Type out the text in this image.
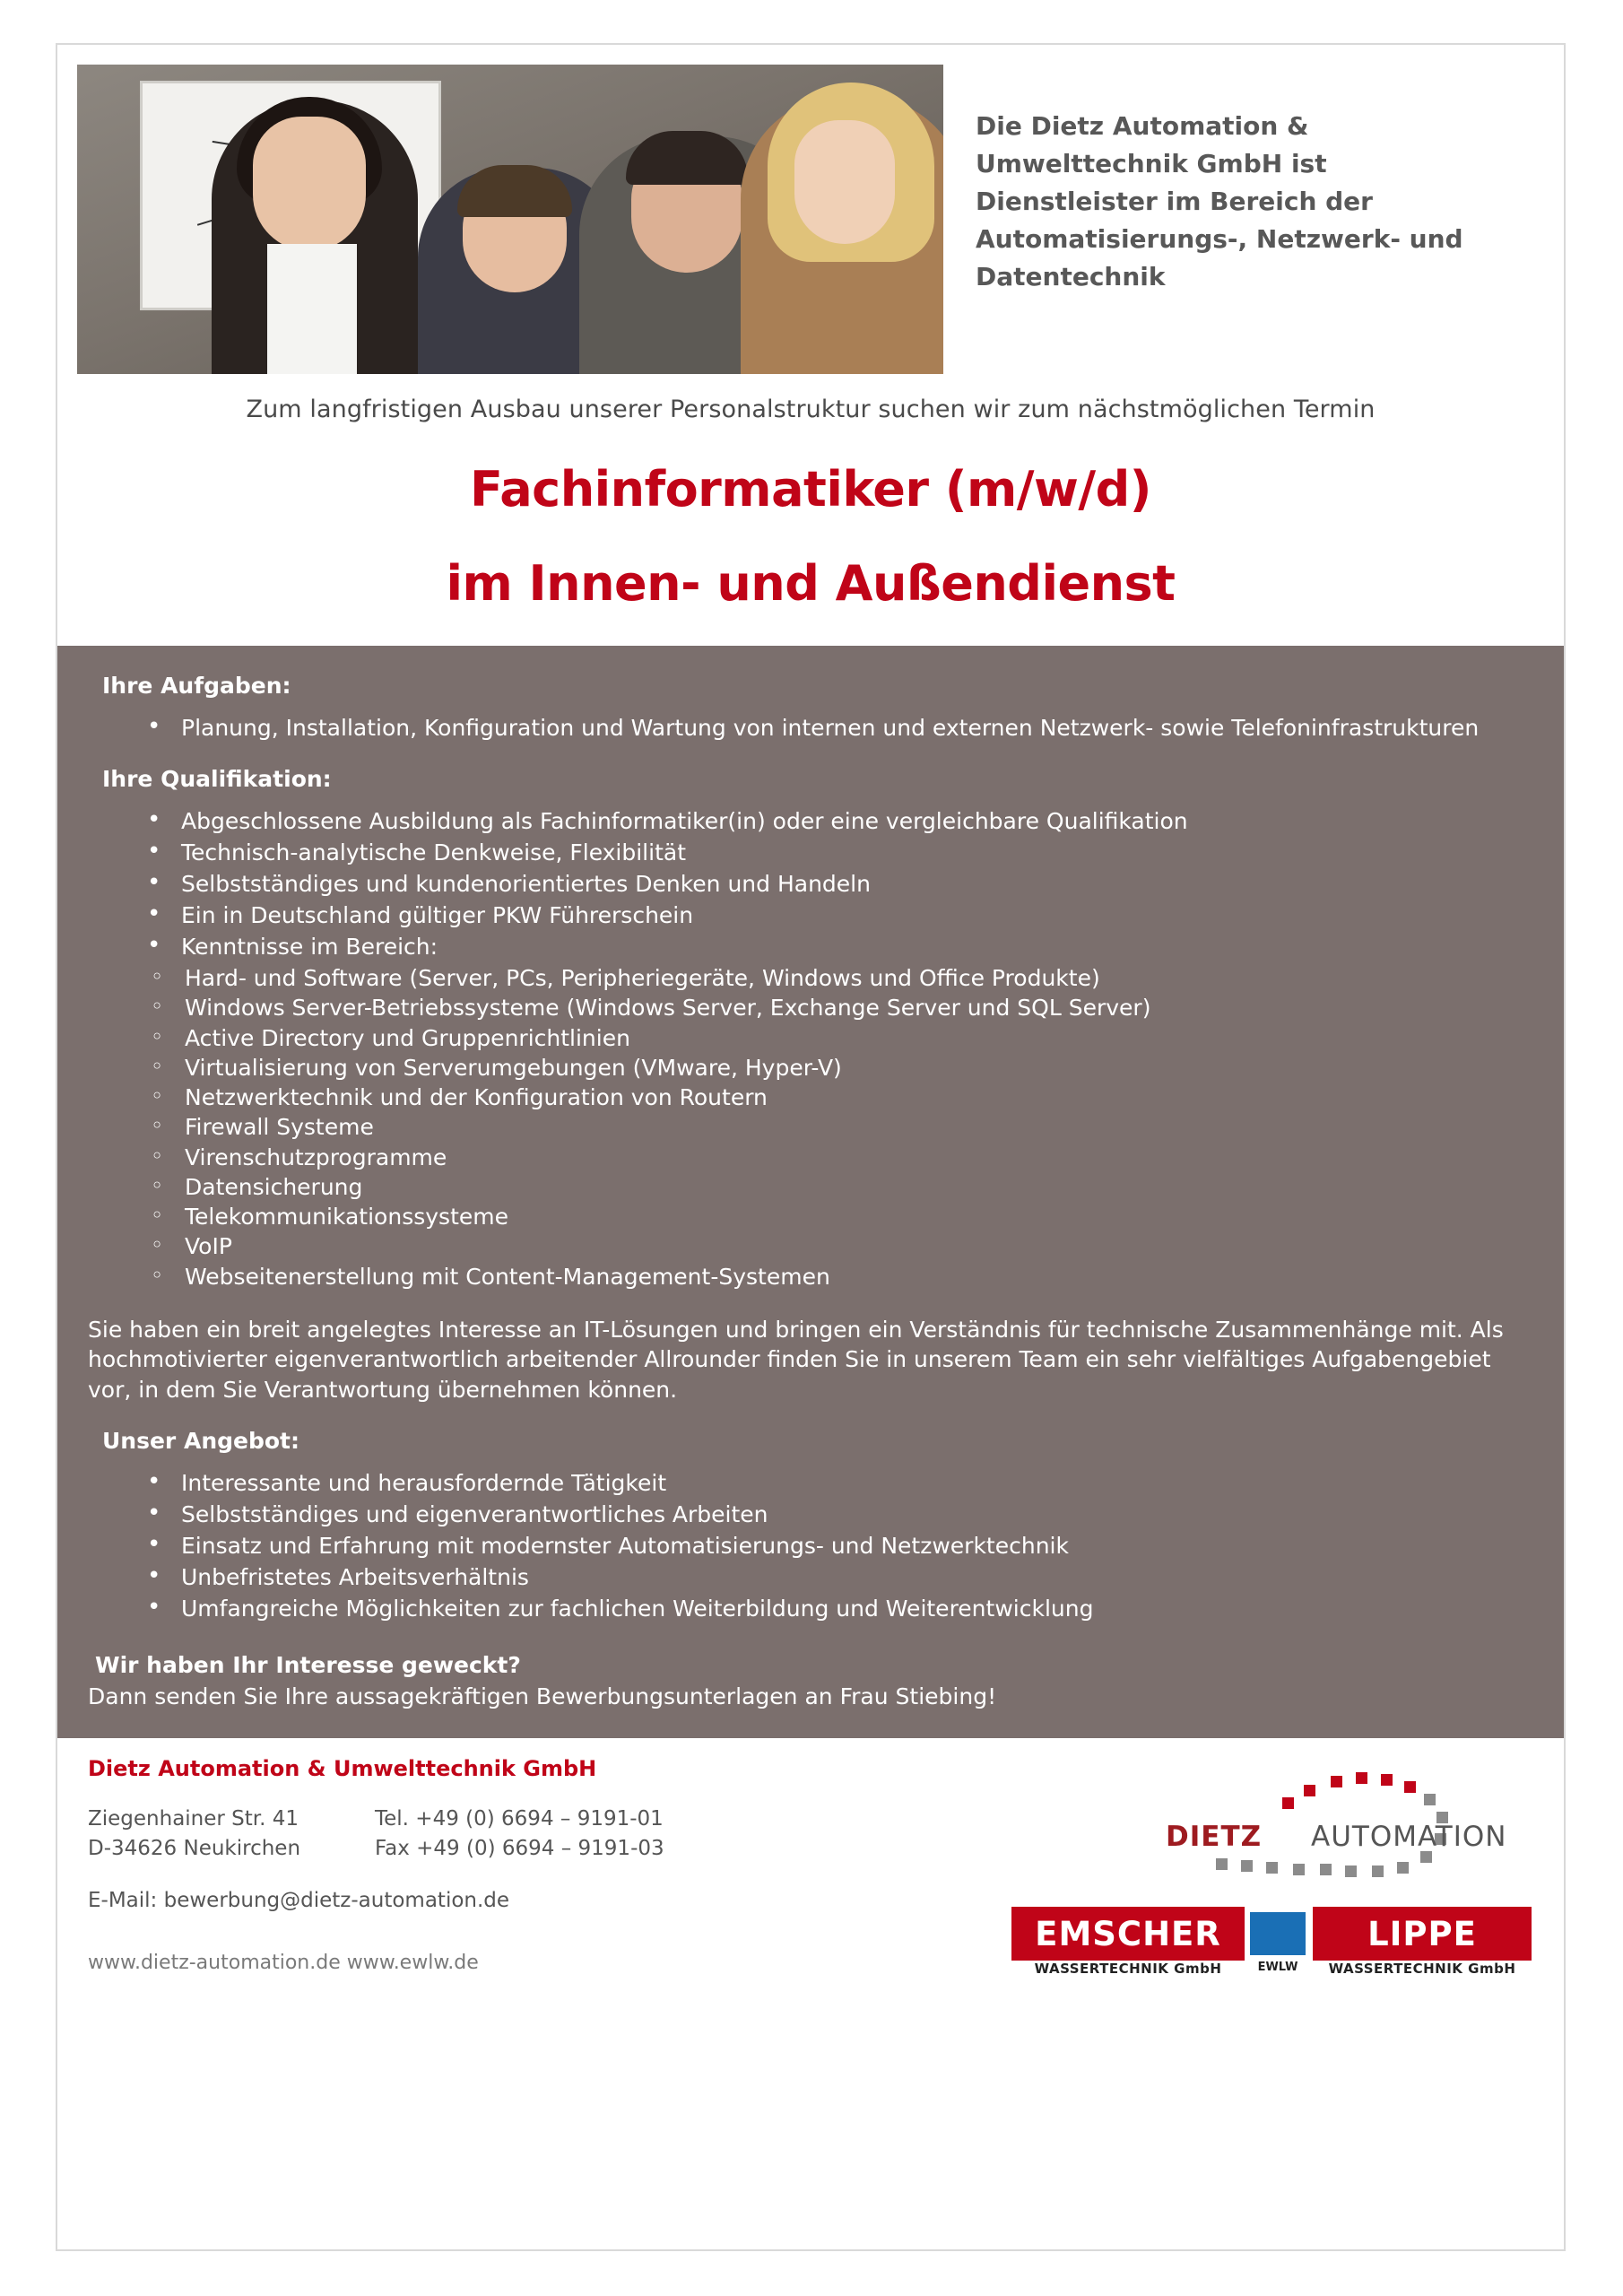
Die Dietz Automation & Umwelttechnik GmbH ist Dienstleister im Bereich der Automatisierungs-, Netzwerk- und Datentechnik
Zum langfristigen Ausbau unserer Personalstruktur suchen wir zum nächstmöglichen Termin
Fachinformatiker (m/w/d)
im Innen- und Außendienst
Ihre Aufgaben:
• Planung, Installation, Konfiguration und Wartung von internen und externen Netzwerk- sowie Telefoninfrastrukturen
Ihre Qualifikation:
• Abgeschlossene Ausbildung als Fachinformatiker(in) oder eine vergleichbare Qualifikation
• Technisch-analytische Denkweise, Flexibilität
• Selbstständiges und kundenorientiertes Denken und Handeln
• Ein in Deutschland gültiger PKW Führerschein
• Kenntnisse im Bereich:
◦ Hard- und Software (Server, PCs, Peripheriegeräte, Windows und Office Produkte)
◦ Windows Server-Betriebssysteme (Windows Server, Exchange Server und SQL Server)
◦ Active Directory und Gruppenrichtlinien
◦ Virtualisierung von Serverumgebungen (VMware, Hyper-V)
◦ Netzwerktechnik und der Konfiguration von Routern
◦ Firewall Systeme
◦ Virenschutzprogramme
◦ Datensicherung
◦ Telekommunikationssysteme
◦ VoIP
◦ Webseitenerstellung mit Content-Management-Systemen
Sie haben ein breit angelegtes Interesse an IT-Lösungen und bringen ein Verständnis für technische Zusammenhänge mit. Als hochmotivierter eigenverantwortlich arbeitender Allrounder finden Sie in unserem Team ein sehr vielfältiges Aufgabengebiet vor, in dem Sie Verantwortung übernehmen können.
Unser Angebot:
• Interessante und herausfordernde Tätigkeit
• Selbstständiges und eigenverantwortliches Arbeiten
• Einsatz und Erfahrung mit modernster Automatisierungs- und Netzwerktechnik
• Unbefristetes Arbeitsverhältnis
• Umfangreiche Möglichkeiten zur fachlichen Weiterbildung und Weiterentwicklung
Wir haben Ihr Interesse geweckt?
Dann senden Sie Ihre aussagekräftigen Bewerbungsunterlagen an Frau Stiebing!
Dietz Automation & Umwelttechnik GmbH
Ziegenhainer Str. 41
D-34626 Neukirchen
Tel. +49 (0) 6694 – 9191-01
Fax +49 (0) 6694 – 9191-03
E-Mail: bewerbung@dietz-automation.de
www.dietz-automation.de www.ewlw.de
DIETZ AUTOMATION
EMSCHER
WASSERTECHNIK GmbH	EWLW
LIPPE
WASSERTECHNIK GmbH
